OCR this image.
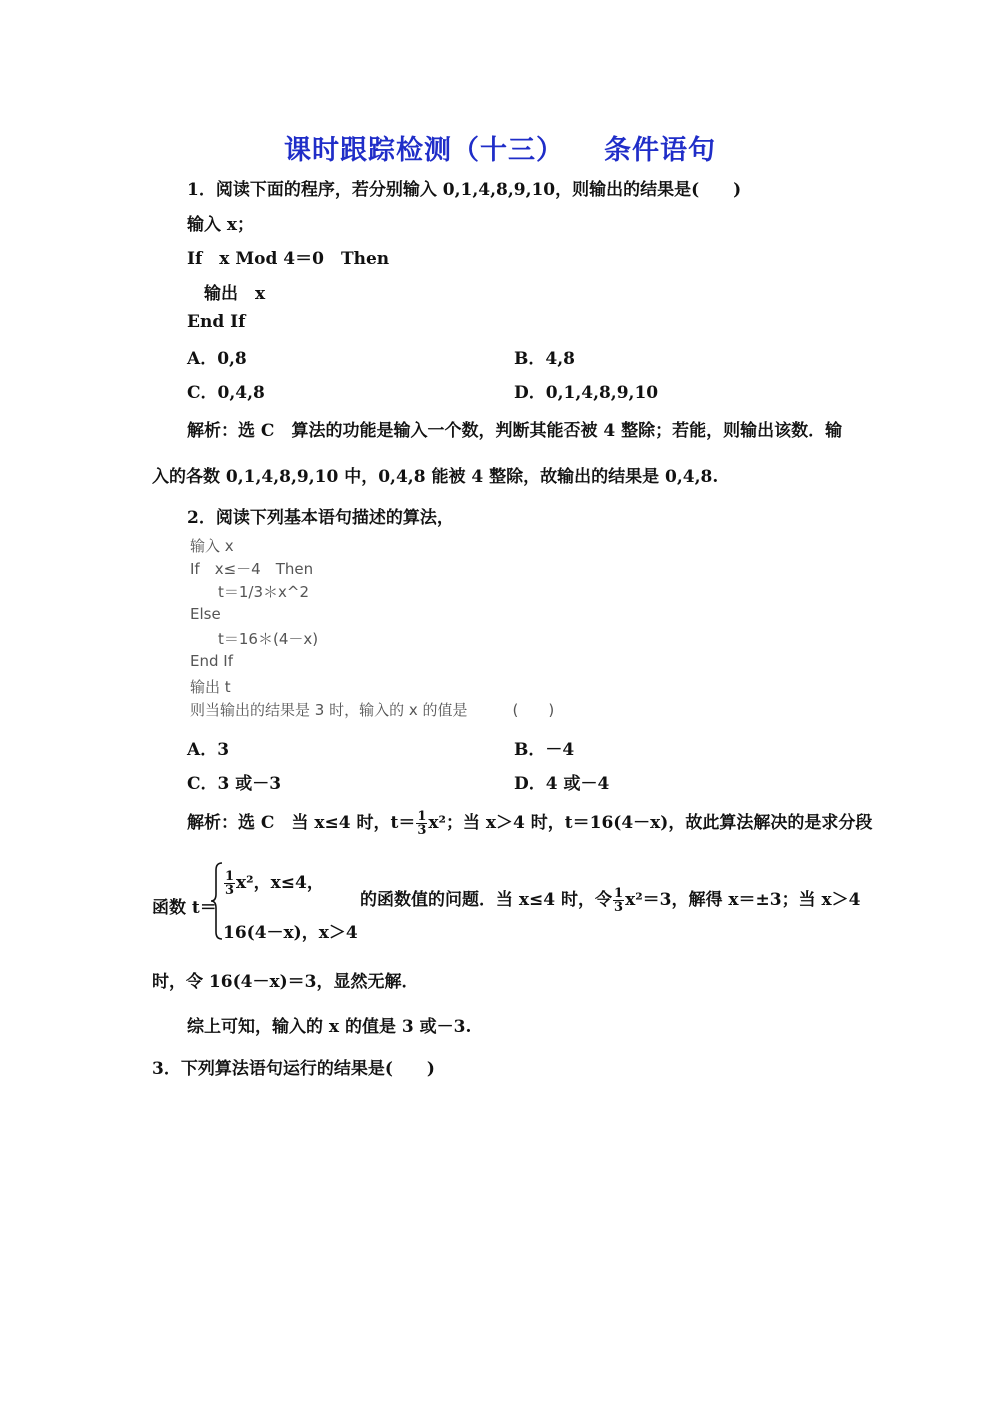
课时跟踪检测（十三） 条件语句
1．阅读下面的程序，若分别输入 0,1,4,8,9,10，则输出的结果是(　　)
输入 x；
If　x Mod 4＝0　Then
输出　x
End If
A．0,8	B．4,8
C．0,4,8	D．0,1,4,8,9,10
解析：选 C　算法的功能是输入一个数，判断其能否被 4 整除；若能，则输出该数．输
入的各数 0,1,4,8,9,10 中，0,4,8 能被 4 整除，故输出的结果是 0,4,8.
2．阅读下列基本语句描述的算法，
输入 x
If　x≤－4　Then
t＝1/3＊x^2
Else
t＝16＊(4－x)
End If
输出 t
则当输出的结果是 3 时，输入的 x 的值是　　　(　　)
A．3	B．－4
C．3 或－3	D．4 或－4
解析：选 C　当 x≤4 时，$t= \frac{1}{3} x^2$；当 x＞4 时，t＝16(4－x)，故此算法解决的是求分段
函数 t＝
$\frac{1}{3} x^2$，x≤4，
16(4－x)，x＞4
的函数值的问题．当 x≤4 时，令 $\frac{1}{3} x^2=3$，解得 x＝±3；当 x＞4
时，令 16(4－x)＝3，显然无解．
综上可知，输入的 x 的值是 3 或－3.
3．下列算法语句运行的结果是(　　)
